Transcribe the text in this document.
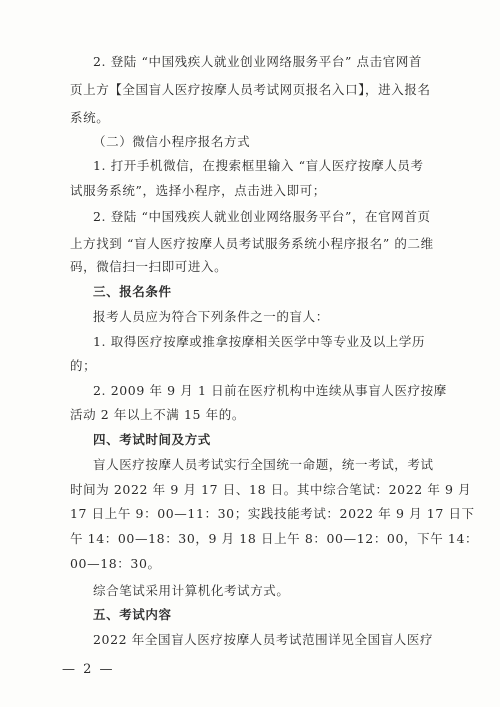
2. 登陆 “中国残疾人就业创业网络服务平台” 点击官网首
页上方【全国盲人医疗按摩人员考试网页报名入口】，进入报名
系统。
（二）微信小程序报名方式
1. 打开手机微信，在搜索框里输入 “盲人医疗按摩人员考
试服务系统”，选择小程序，点击进入即可；
2. 登陆 “中国残疾人就业创业网络服务平台”，在官网首页
上方找到 “盲人医疗按摩人员考试服务系统小程序报名” 的二维
码，微信扫一扫即可进入。
三、报名条件
报考人员应为符合下列条件之一的盲人：
1. 取得医疗按摩或推拿按摩相关医学中等专业及以上学历
的；
2. 2009 年 9 月 1 日前在医疗机构中连续从事盲人医疗按摩
活动 2 年以上不满 15 年的。
四、考试时间及方式
盲人医疗按摩人员考试实行全国统一命题，统一考试，考试
时间为 2022 年 9 月 17 日、18 日。其中综合笔试：2022 年 9 月
17 日上午 9：00—11：30；实践技能考试：2022 年 9 月 17 日下
午 14：00—18：30，9 月 18 日上午 8：00—12：00，下午 14：
00—18：30。
综合笔试采用计算机化考试方式。
五、考试内容
2022 年全国盲人医疗按摩人员考试范围详见全国盲人医疗
— 2 —
